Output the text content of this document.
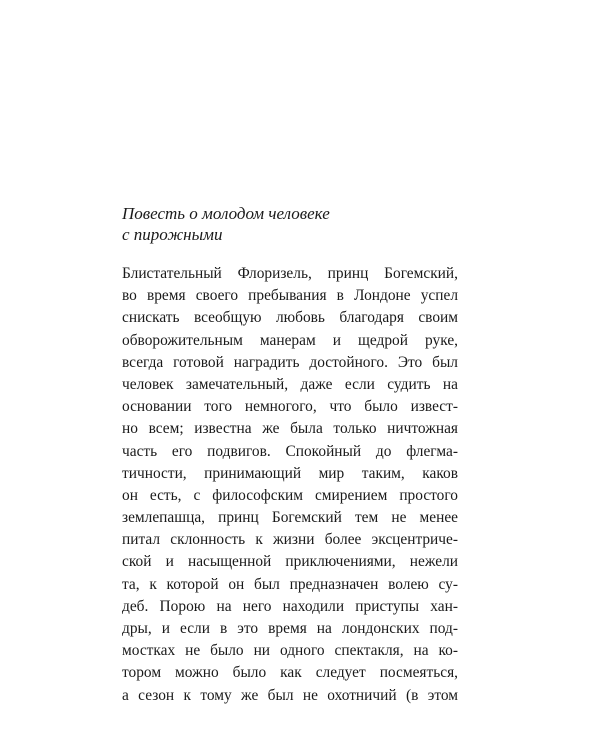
Повесть о молодом человеке
с пирожными
Блистательный Флоризель, принц Богемский,
во время своего пребывания в Лондоне успел
снискать всеобщую любовь благодаря своим
обворожительным манерам и щедрой руке,
всегда готовой наградить достойного. Это был
человек замечательный, даже если судить на
основании того немногого, что было извест-
но всем; известна же была только ничтожная
часть его подвигов. Спокойный до флегма-
тичности, принимающий мир таким, каков
он есть, с философским смирением простого
землепашца, принц Богемский тем не менее
питал склонность к жизни более эксцентриче-
ской и насыщенной приключениями, нежели
та, к которой он был предназначен волею су-
деб. Порою на него находили приступы хан-
дры, и если в это время на лондонских под-
мостках не было ни одного спектакля, на ко-
тором можно было как следует посмеяться,
а сезон к тому же был не охотничий (в этом
